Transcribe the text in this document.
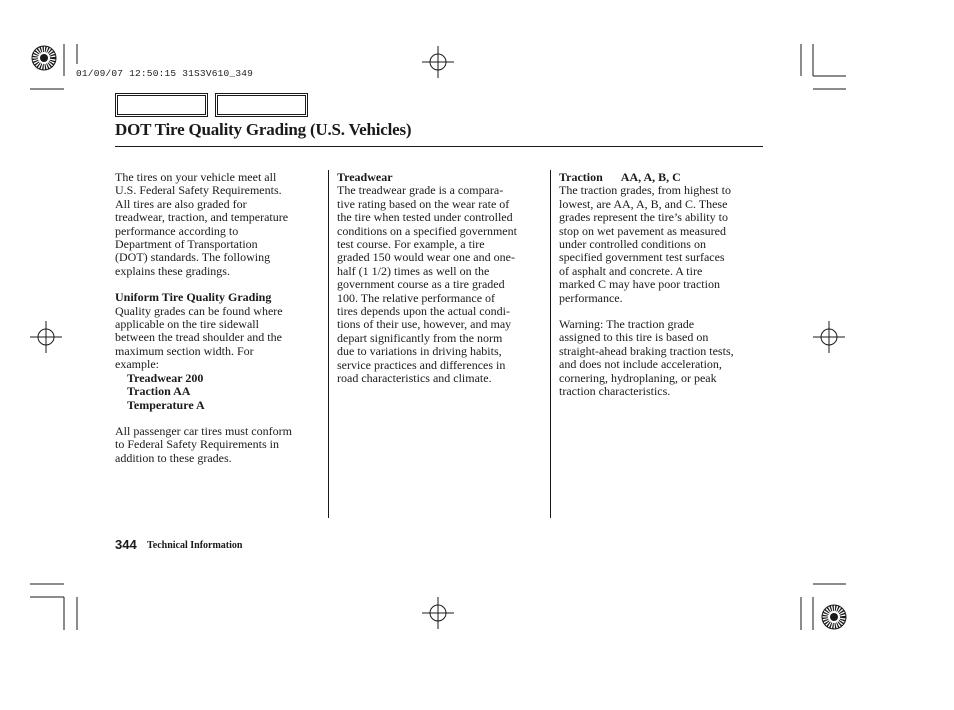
01/09/07 12:50:15 31S3V610_349
DOT Tire Quality Grading (U.S. Vehicles)

The tires on your vehicle meet all

U.S. Federal Safety Requirements.

All tires are also graded for

treadwear, traction, and temperature

performance according to

Department of Transportation

(DOT) standards. The following

explains these gradings.

Uniform Tire Quality Grading

Quality grades can be found where

applicable on the tire sidewall

between the tread shoulder and the

maximum section width. For

example:

Treadwear 200

Traction AA

Temperature A

All passenger car tires must conform

to Federal Safety Requirements in

addition to these grades.

Treadwear

The treadwear grade is a compara-

tive rating based on the wear rate of

the tire when tested under controlled

conditions on a specified government

test course. For example, a tire

graded 150 would wear one and one-

half (1 1/2) times as well on the

government course as a tire graded

100. The relative performance of

tires depends upon the actual condi-

tions of their use, however, and may

depart significantly from the norm

due to variations in driving habits,

service practices and differences in

road characteristics and climate.

Traction AA, A, B, C

The traction grades, from highest to

lowest, are AA, A, B, and C. These

grades represent the tire’s ability to

stop on wet pavement as measured

under controlled conditions on

specified government test surfaces

of asphalt and concrete. A tire

marked C may have poor traction

performance.

Warning: The traction grade

assigned to this tire is based on

straight-ahead braking traction tests,

and does not include acceleration,

cornering, hydroplaning, or peak

traction characteristics.

344 Technical Information
